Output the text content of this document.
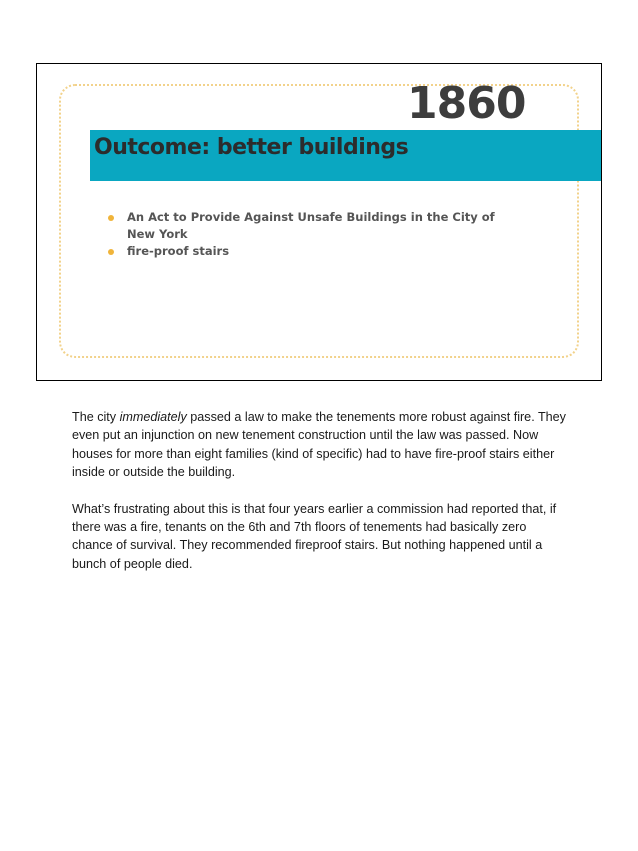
Outcome: better buildings
1860
An Act to Provide Against Unsafe Buildings in the City of New York
fire-proof stairs

The city immediately passed a law to make the tenements more robust against fire. They even put an injunction on new tenement construction until the law was passed. Now houses for more than eight families (kind of specific) had to have fire-proof stairs either inside or outside the building.

What’s frustrating about this is that four years earlier a commission had reported that, if there was a fire, tenants on the 6th and 7th floors of tenements had basically zero chance of survival. They recommended fireproof stairs. But nothing happened until a bunch of people died.
